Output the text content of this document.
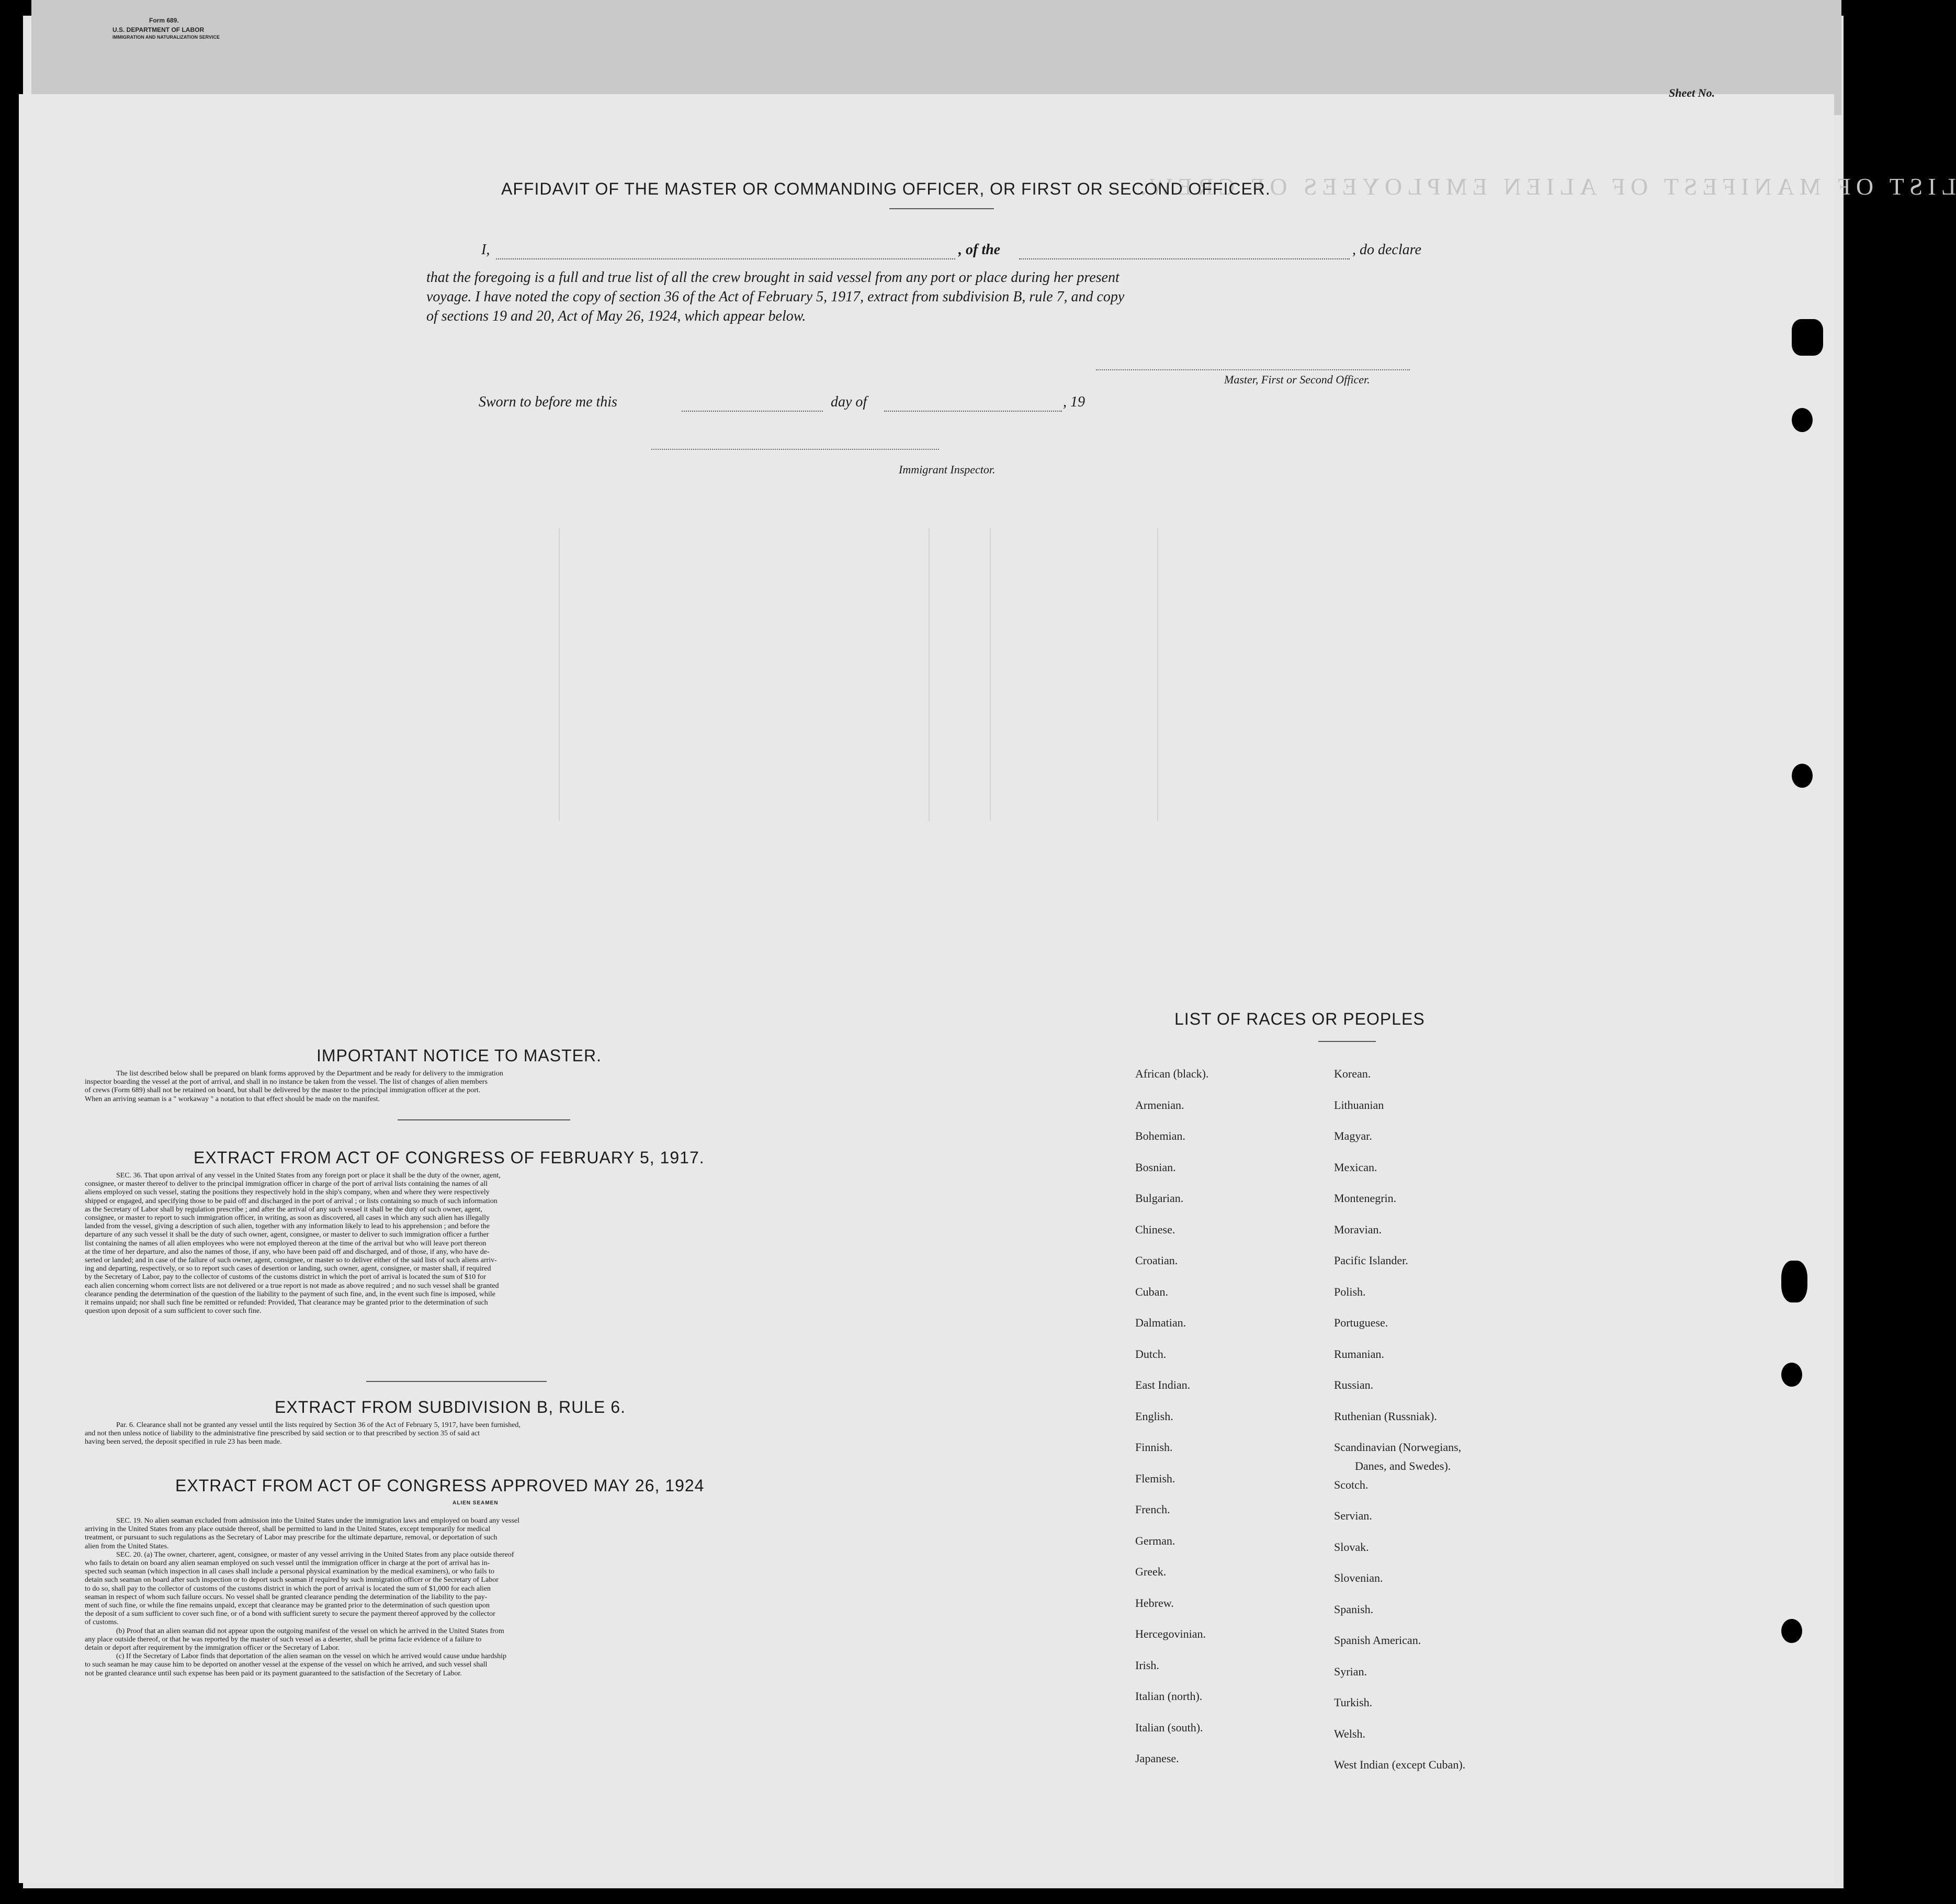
Form 689.
U.S. DEPARTMENT OF LABOR
IMMIGRATION AND NATURALIZATION SERVICE
Sheet No.
LIST OF MANIFEST OF ALIEN EMPLOYEES OF CREW.
AFFIDAVIT OF THE MASTER OR COMMANDING OFFICER, OR FIRST OR SECOND OFFICER.
I,	, of the	, do declare
that the foregoing is a full and true list of all the crew brought in said vessel from any port or place during her present
voyage. I have noted the copy of section 36 of the Act of February 5, 1917, extract from subdivision B, rule 7, and copy
of sections 19 and 20, Act of May 26, 1924, which appear below.
Master, First or Second Officer.
Sworn to before me this	day of	, 19
Immigrant Inspector.
IMPORTANT NOTICE TO MASTER.
The list described below shall be prepared on blank forms approved by the Department and be ready for delivery to the immigration
inspector boarding the vessel at the port of arrival, and shall in no instance be taken from the vessel. The list of changes of alien members
of crews (Form 689) shall not be retained on board, but shall be delivered by the master to the principal immigration officer at the port.
When an arriving seaman is a " workaway " a notation to that effect should be made on the manifest.
EXTRACT FROM ACT OF CONGRESS OF FEBRUARY 5, 1917.
SEC. 36. That upon arrival of any vessel in the United States from any foreign port or place it shall be the duty of the owner, agent,
consignee, or master thereof to deliver to the principal immigration officer in charge of the port of arrival lists containing the names of all
aliens employed on such vessel, stating the positions they respectively hold in the ship's company, when and where they were respectively
shipped or engaged, and specifying those to be paid off and discharged in the port of arrival ; or lists containing so much of such information
as the Secretary of Labor shall by regulation prescribe ; and after the arrival of any such vessel it shall be the duty of such owner, agent,
consignee, or master to report to such immigration officer, in writing, as soon as discovered, all cases in which any such alien has illegally
landed from the vessel, giving a description of such alien, together with any information likely to lead to his apprehension ; and before the
departure of any such vessel it shall be the duty of such owner, agent, consignee, or master to deliver to such immigration officer a further
list containing the names of all alien employees who were not employed thereon at the time of the arrival but who will leave port thereon
at the time of her departure, and also the names of those, if any, who have been paid off and discharged, and of those, if any, who have de-
serted or landed; and in case of the failure of such owner, agent, consignee, or master so to deliver either of the said lists of such aliens arriv-
ing and departing, respectively, or so to report such cases of desertion or landing, such owner, agent, consignee, or master shall, if required
by the Secretary of Labor, pay to the collector of customs of the customs district in which the port of arrival is located the sum of $10 for
each alien concerning whom correct lists are not delivered or a true report is not made as above required ; and no such vessel shall be granted
clearance pending the determination of the question of the liability to the payment of such fine, and, in the event such fine is imposed, while
it remains unpaid; nor shall such fine be remitted or refunded: Provided, That clearance may be granted prior to the determination of such
question upon deposit of a sum sufficient to cover such fine.
EXTRACT FROM SUBDIVISION B, RULE 6.
Par. 6. Clearance shall not be granted any vessel until the lists required by Section 36 of the Act of February 5, 1917, have been furnished,
and not then unless notice of liability to the administrative fine prescribed by said section or to that prescribed by section 35 of said act
having been served, the deposit specified in rule 23 has been made.
EXTRACT FROM ACT OF CONGRESS APPROVED MAY 26, 1924
ALIEN SEAMEN
SEC. 19. No alien seaman excluded from admission into the United States under the immigration laws and employed on board any vessel
arriving in the United States from any place outside thereof, shall be permitted to land in the United States, except temporarily for medical
treatment, or pursuant to such regulations as the Secretary of Labor may prescribe for the ultimate departure, removal, or deportation of such
alien from the United States.
SEC. 20. (a) The owner, charterer, agent, consignee, or master of any vessel arriving in the United States from any place outside thereof
who fails to detain on board any alien seaman employed on such vessel until the immigration officer in charge at the port of arrival has in-
spected such seaman (which inspection in all cases shall include a personal physical examination by the medical examiners), or who fails to
detain such seaman on board after such inspection or to deport such seaman if required by such immigration officer or the Secretary of Labor
to do so, shall pay to the collector of customs of the customs district in which the port of arrival is located the sum of $1,000 for each alien
seaman in respect of whom such failure occurs. No vessel shall be granted clearance pending the determination of the liability to the pay-
ment of such fine, or while the fine remains unpaid, except that clearance may be granted prior to the determination of such question upon
the deposit of a sum sufficient to cover such fine, or of a bond with sufficient surety to secure the payment thereof approved by the collector
of customs.
(b) Proof that an alien seaman did not appear upon the outgoing manifest of the vessel on which he arrived in the United States from
any place outside thereof, or that he was reported by the master of such vessel as a deserter, shall be prima facie evidence of a failure to
detain or deport after requirement by the immigration officer or the Secretary of Labor.
(c) If the Secretary of Labor finds that deportation of the alien seaman on the vessel on which he arrived would cause undue hardship
to such seaman he may cause him to be deported on another vessel at the expense of the vessel on which he arrived, and such vessel shall
not be granted clearance until such expense has been paid or its payment guaranteed to the satisfaction of the Secretary of Labor.
LIST OF RACES OR PEOPLES
African (black).
Armenian.
Bohemian.
Bosnian.
Bulgarian.
Chinese.
Croatian.
Cuban.
Dalmatian.
Dutch.
East Indian.
English.
Finnish.
Flemish.
French.
German.
Greek.
Hebrew.
Hercegovinian.
Irish.
Italian (north).
Italian (south).
Japanese.
Korean.
Lithuanian
Magyar.
Mexican.
Montenegrin.
Moravian.
Pacific Islander.
Polish.
Portuguese.
Rumanian.
Russian.
Ruthenian (Russniak).
Scandinavian (Norwegians,
Scotch.
Servian.
Slovak.
Slovenian.
Spanish.
Spanish American.
Syrian.
Turkish.
Welsh.
West Indian (except Cuban).
Danes, and Swedes).
